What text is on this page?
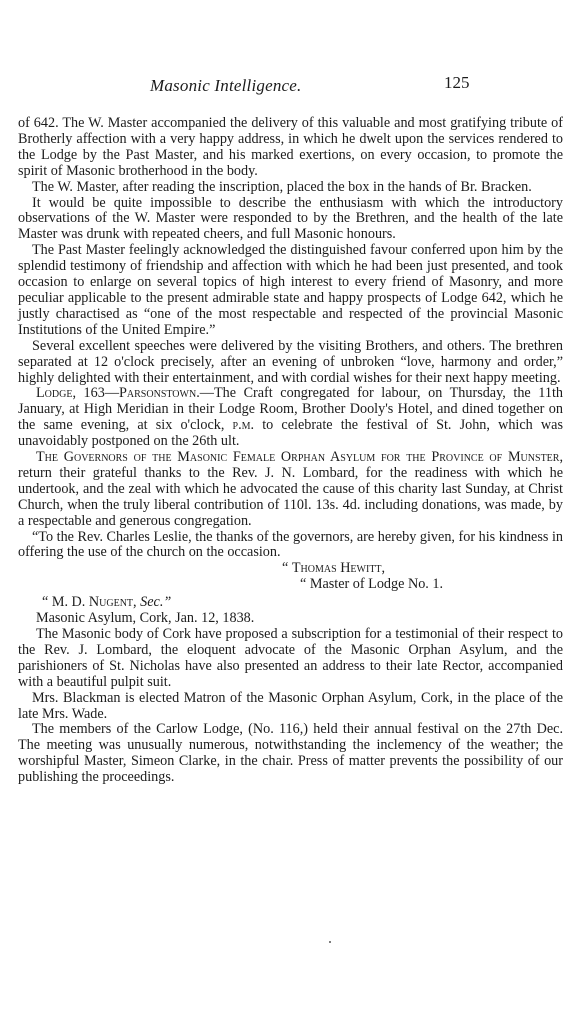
Masonic Intelligence.	125

of 642. The W. Master accompanied the delivery of this valuable and most gratifying tribute of Brotherly affection with a very happy address, in which he dwelt upon the services rendered to the Lodge by the Past Master, and his marked exertions, on every occasion, to promote the spirit of Masonic brotherhood in the body.

The W. Master, after reading the inscription, placed the box in the hands of Br. Bracken.

It would be quite impossible to describe the enthusiasm with which the introductory observations of the W. Master were responded to by the Brethren, and the health of the late Master was drunk with repeated cheers, and full Masonic honours.

The Past Master feelingly acknowledged the distinguished favour conferred upon him by the splendid testimony of friendship and affection with which he had been just presented, and took occasion to enlarge on several topics of high interest to every friend of Masonry, and more peculiar applicable to the present admirable state and happy prospects of Lodge 642, which he justly charactised as “one of the most respectable and respected of the provincial Masonic Institutions of the United Empire.”

Several excellent speeches were delivered by the visiting Brothers, and others. The brethren separated at 12 o'clock precisely, after an evening of unbroken “love, harmony and order,” highly delighted with their entertainment, and with cordial wishes for their next happy meeting.

Lodge, 163—Parsonstown.—The Craft congregated for labour, on Thursday, the 11th January, at High Meridian in their Lodge Room, Brother Dooly's Hotel, and dined together on the same evening, at six o'clock, p.m. to celebrate the festival of St. John, which was unavoidably postponed on the 26th ult.

The Governors of the Masonic Female Orphan Asylum for the Province of Munster, return their grateful thanks to the Rev. J. N. Lombard, for the readiness with which he undertook, and the zeal with which he advocated the cause of this charity last Sunday, at Christ Church, when the truly liberal contribution of 110l. 13s. 4d. including donations, was made, by a respectable and generous congregation.

“To the Rev. Charles Leslie, the thanks of the governors, are hereby given, for his kindness in offering the use of the church on the occasion.

“ Thomas Hewitt,

“ Master of Lodge No. 1.

“ M. D. Nugent, Sec.”

Masonic Asylum, Cork, Jan. 12, 1838.

The Masonic body of Cork have proposed a subscription for a testimonial of their respect to the Rev. J. Lombard, the eloquent advocate of the Masonic Orphan Asylum, and the parishioners of St. Nicholas have also presented an address to their late Rector, accompanied with a beautiful pulpit suit.

Mrs. Blackman is elected Matron of the Masonic Orphan Asylum, Cork, in the place of the late Mrs. Wade.

The members of the Carlow Lodge, (No. 116,) held their annual festival on the 27th Dec. The meeting was unusually numerous, notwithstanding the inclemency of the weather; the worshipful Master, Simeon Clarke, in the chair. Press of matter prevents the possibility of our publishing the proceedings.
